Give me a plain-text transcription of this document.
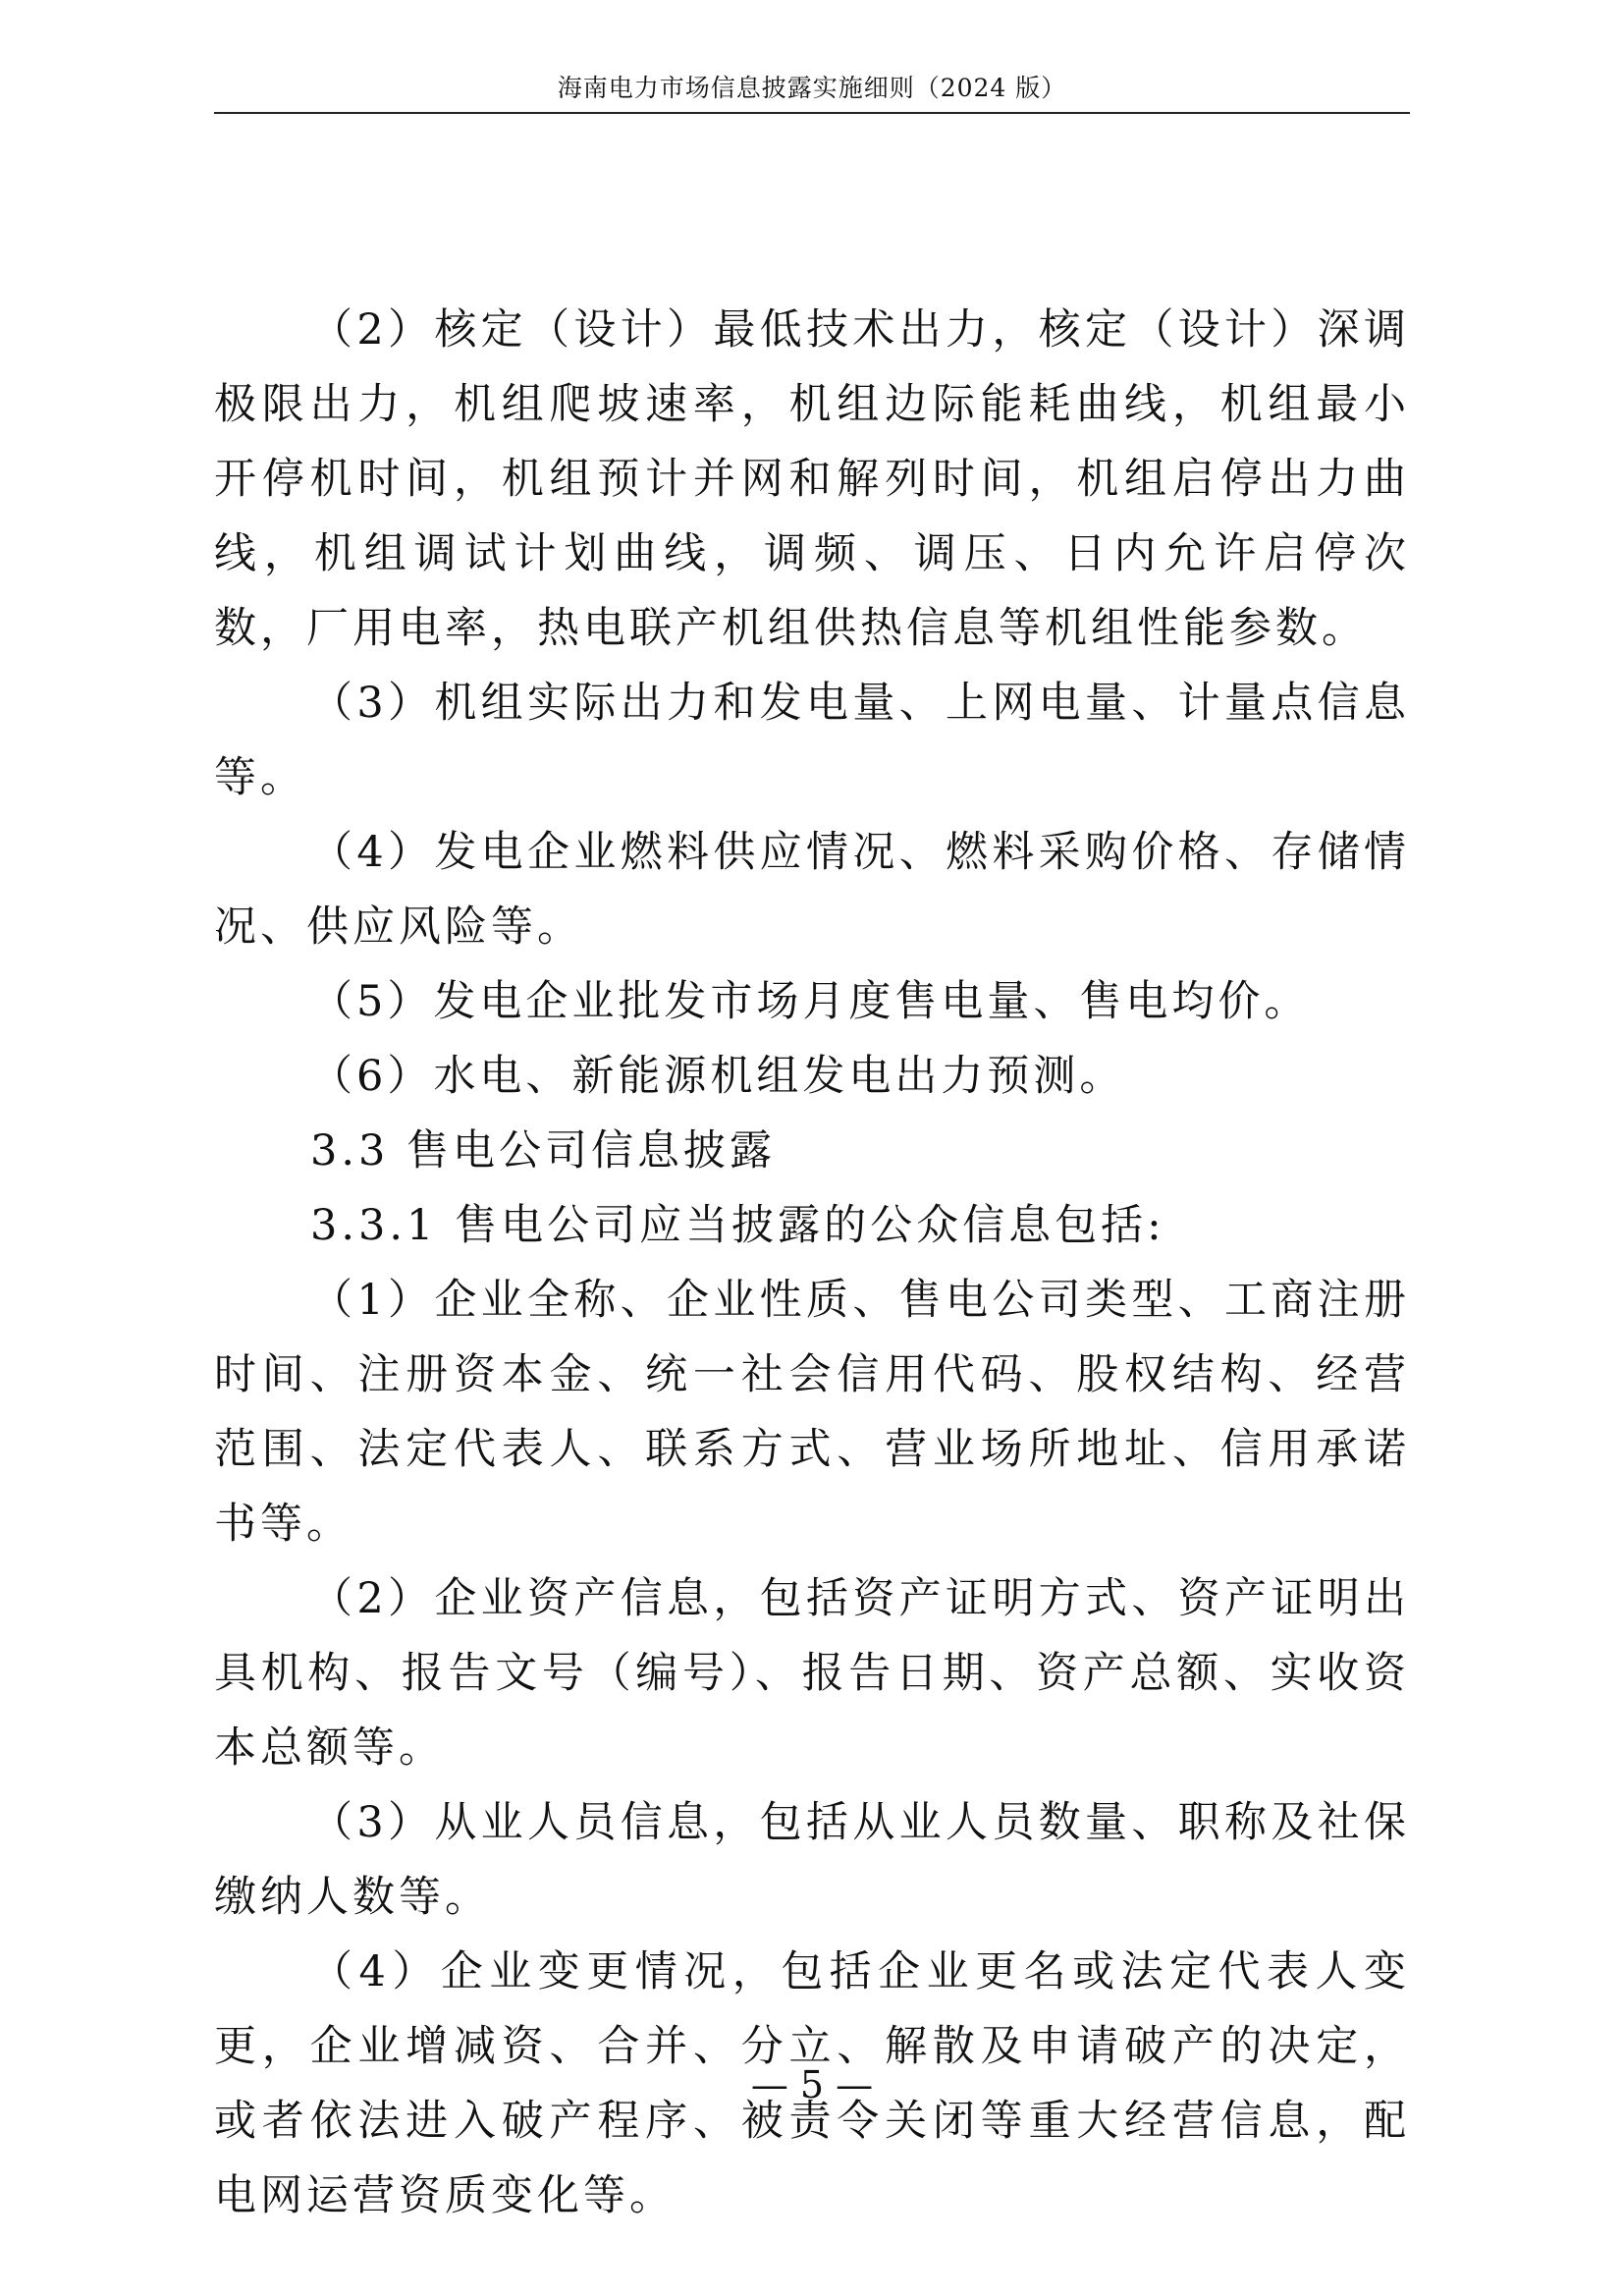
海南电力市场信息披露实施细则（2024 版）

（2）核定（设计）最低技术出力，核定（设计）深调极限出力，机组爬坡速率，机组边际能耗曲线，机组最小开停机时间，机组预计并网和解列时间，机组启停出力曲线，机组调试计划曲线，调频、调压、日内允许启停次数，厂用电率，热电联产机组供热信息等机组性能参数。

（3）机组实际出力和发电量、上网电量、计量点信息等。

（4）发电企业燃料供应情况、燃料采购价格、存储情况、供应风险等。

（5）发电企业批发市场月度售电量、售电均价。

（6）水电、新能源机组发电出力预测。

3.3 售电公司信息披露

3.3.1 售电公司应当披露的公众信息包括:

（1）企业全称、企业性质、售电公司类型、工商注册时间、注册资本金、统一社会信用代码、股权结构、经营范围、法定代表人、联系方式、营业场所地址、信用承诺书等。

（2）企业资产信息，包括资产证明方式、资产证明出具机构、报告文号（编号）、报告日期、资产总额、实收资本总额等。

（3）从业人员信息，包括从业人员数量、职称及社保缴纳人数等。

（4）企业变更情况，包括企业更名或法定代表人变更，企业增减资、合并、分立、解散及申请破产的决定，或者依法进入破产程序、被责令关闭等重大经营信息，配电网运营资质变化等。

— 5 —
